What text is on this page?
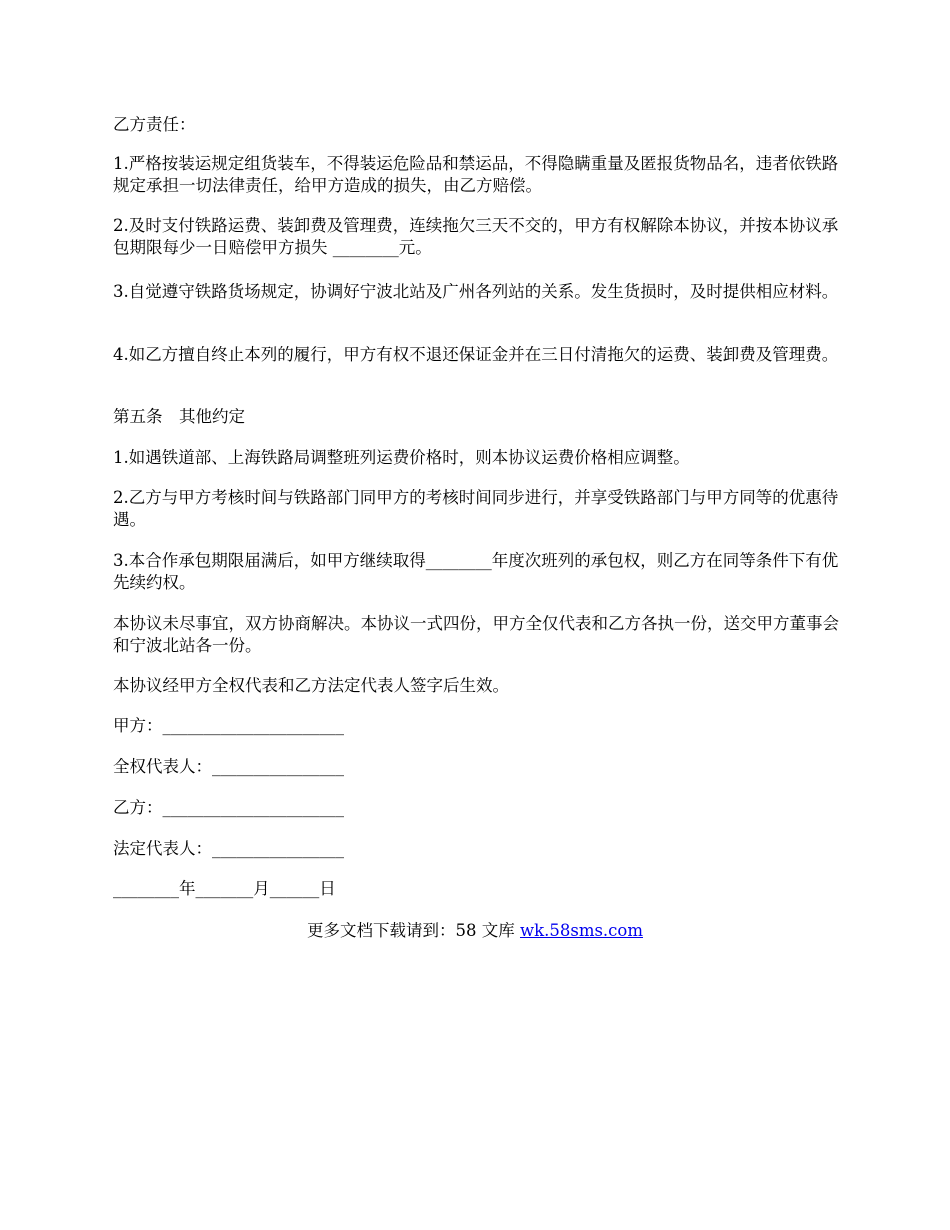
乙方责任：

1.严格按装运规定组货装车，不得装运危险品和禁运品，不得隐瞒重量及匿报货物品名，违者依铁路规定承担一切法律责任，给甲方造成的损失，由乙方赔偿。

2.及时支付铁路运费、装卸费及管理费，连续拖欠三天不交的，甲方有权解除本协议，并按本协议承包期限每少一日赔偿甲方损失 ________元。

3.自觉遵守铁路货场规定，协调好宁波北站及广州各列站的关系。发生货损时，及时提供相应材料。

4.如乙方擅自终止本列的履行，甲方有权不退还保证金并在三日付清拖欠的运费、装卸费及管理费。

第五条　其他约定

1.如遇铁道部、上海铁路局调整班列运费价格时，则本协议运费价格相应调整。

2.乙方与甲方考核时间与铁路部门同甲方的考核时间同步进行，并享受铁路部门与甲方同等的优惠待遇。

3.本合作承包期限届满后，如甲方继续取得________年度次班列的承包权，则乙方在同等条件下有优先续约权。

本协议未尽事宜，双方协商解决。本协议一式四份，甲方全仅代表和乙方各执一份，送交甲方董事会和宁波北站各一份。

本协议经甲方全权代表和乙方法定代表人签字后生效。

甲方：______________________

全权代表人：________________

乙方：______________________

法定代表人：________________

________年_______月______日

更多文档下载请到：58 文库 wk.58sms.com
